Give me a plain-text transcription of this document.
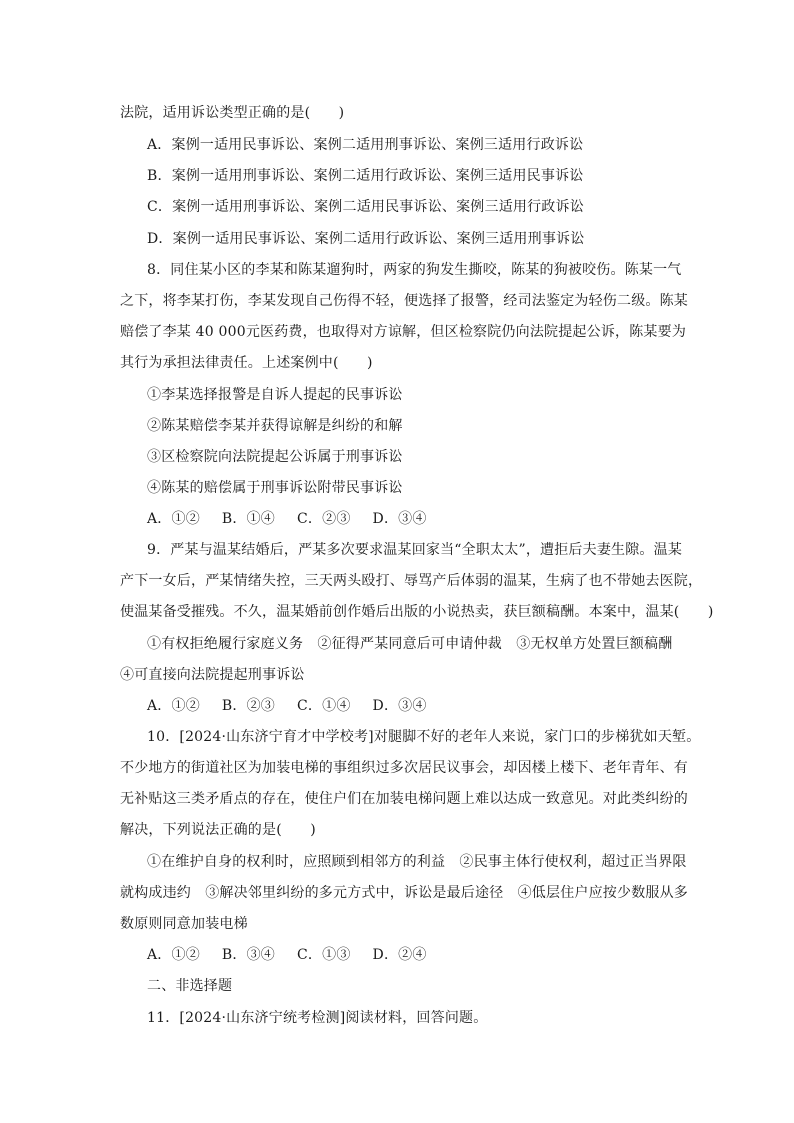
法院，适用诉讼类型正确的是(　　)
A．案例一适用民事诉讼、案例二适用刑事诉讼、案例三适用行政诉讼
B．案例一适用刑事诉讼、案例二适用行政诉讼、案例三适用民事诉讼
C．案例一适用刑事诉讼、案例二适用民事诉讼、案例三适用行政诉讼
D．案例一适用民事诉讼、案例二适用行政诉讼、案例三适用刑事诉讼
8．同住某小区的李某和陈某遛狗时，两家的狗发生撕咬，陈某的狗被咬伤。陈某一气
之下，将李某打伤，李某发现自己伤得不轻，便选择了报警，经司法鉴定为轻伤二级。陈某
赔偿了李某 40 000元医药费，也取得对方谅解，但区检察院仍向法院提起公诉，陈某要为
其行为承担法律责任。上述案例中(　　)
①李某选择报警是自诉人提起的民事诉讼
②陈某赔偿李某并获得谅解是纠纷的和解
③区检察院向法院提起公诉属于刑事诉讼
④陈某的赔偿属于刑事诉讼附带民事诉讼
A．①② B．①④ C．②③ D．③④
9．严某与温某结婚后，严某多次要求温某回家当“全职太太”，遭拒后夫妻生隙。温某
产下一女后，严某情绪失控，三天两头殴打、辱骂产后体弱的温某，生病了也不带她去医院，
使温某备受摧残。不久，温某婚前创作婚后出版的小说热卖，获巨额稿酬。本案中，温某(　　)
①有权拒绝履行家庭义务　②征得严某同意后可申请仲裁　③无权单方处置巨额稿酬
④可直接向法院提起刑事诉讼
A．①② B．②③ C．①④ D．③④
10．[2024·山东济宁育才中学校考]对腿脚不好的老年人来说，家门口的步梯犹如天堑。
不少地方的街道社区为加装电梯的事组织过多次居民议事会，却因楼上楼下、老年青年、有
无补贴这三类矛盾点的存在，使住户们在加装电梯问题上难以达成一致意见。对此类纠纷的
解决，下列说法正确的是(　　)
①在维护自身的权利时，应照顾到相邻方的利益　②民事主体行使权利，超过正当界限
就构成违约　③解决邻里纠纷的多元方式中，诉讼是最后途径　④低层住户应按少数服从多
数原则同意加装电梯
A．①② B．③④ C．①③ D．②④
二、非选择题
11．[2024·山东济宁统考检测]阅读材料，回答问题。
